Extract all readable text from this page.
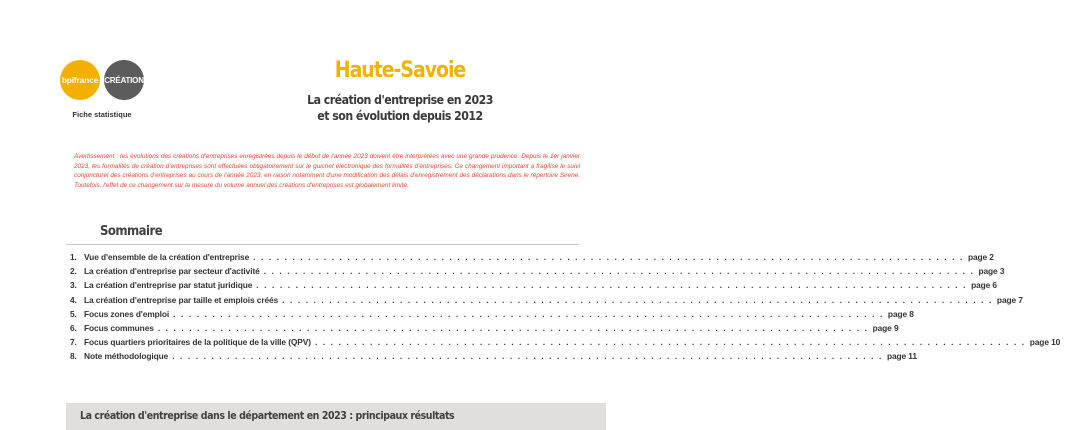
bpifrance CRÉATION
Fiche statistique
Haute-Savoie
La création d'entreprise en 2023
et son évolution depuis 2012
Avertissement : les évolutions des créations d'entreprises enregistrées depuis le début de l'année 2023 doivent être interprétées avec une grande prudence. Depuis le 1er janvier 2023, les formalités de création d'entreprises sont effectuées obligatoirement sur le guichet électronique des formalités d'entreprises. Ce changement important a fragilisé le suivi conjoncturel des créations d'entreprises au cours de l'année 2023, en raison notamment d'une modification des délais d'enregistrement des déclarations dans le répertoire Sirene. Toutefois, l'effet de ce changement sur la mesure du volume annuel des créations d'entreprises est globalement limité.
Sommaire
1. Vue d'ensemble de la création d'entreprise . . . . . . . . . . . . . . . . . . . . . . . . . . . . . . . . . . . . . . . . . . . . . . . . . . . . . . . . . . . . . . . . . . . . . . . . . . . . . . . . . . . . . . . . . . . page 2
2. La création d'entreprise par secteur d'activité . . . . . . . . . . . . . . . . . . . . . . . . . . . . . . . . . . . . . . . . . . . . . . . . . . . . . . . . . . . . . . . . . . . . . . . . . . . . . . . . . . . . . . . . . . . page 3
3. La création d'entreprise par statut juridique . . . . . . . . . . . . . . . . . . . . . . . . . . . . . . . . . . . . . . . . . . . . . . . . . . . . . . . . . . . . . . . . . . . . . . . . . . . . . . . . . . . . . . . . . . . page 6
4. La création d'entreprise par taille et emplois créés . . . . . . . . . . . . . . . . . . . . . . . . . . . . . . . . . . . . . . . . . . . . . . . . . . . . . . . . . . . . . . . . . . . . . . . . . . . . . . . . . . . . . . . . . . . page 7
5. Focus zones d'emploi . . . . . . . . . . . . . . . . . . . . . . . . . . . . . . . . . . . . . . . . . . . . . . . . . . . . . . . . . . . . . . . . . . . . . . . . . . . . . . . . . . . . . . . . . . . page 8
6. Focus communes . . . . . . . . . . . . . . . . . . . . . . . . . . . . . . . . . . . . . . . . . . . . . . . . . . . . . . . . . . . . . . . . . . . . . . . . . . . . . . . . . . . . . . . . . . . page 9
7. Focus quartiers prioritaires de la politique de la ville (QPV) . . . . . . . . . . . . . . . . . . . . . . . . . . . . . . . . . . . . . . . . . . . . . . . . . . . . . . . . . . . . . . . . . . . . . . . . . . . . . . . . . . . . . . . . . . . page 10
8. Note méthodologique . . . . . . . . . . . . . . . . . . . . . . . . . . . . . . . . . . . . . . . . . . . . . . . . . . . . . . . . . . . . . . . . . . . . . . . . . . . . . . . . . . . . . . . . . . . page 11
La création d'entreprise dans le département en 2023 : principaux résultats
